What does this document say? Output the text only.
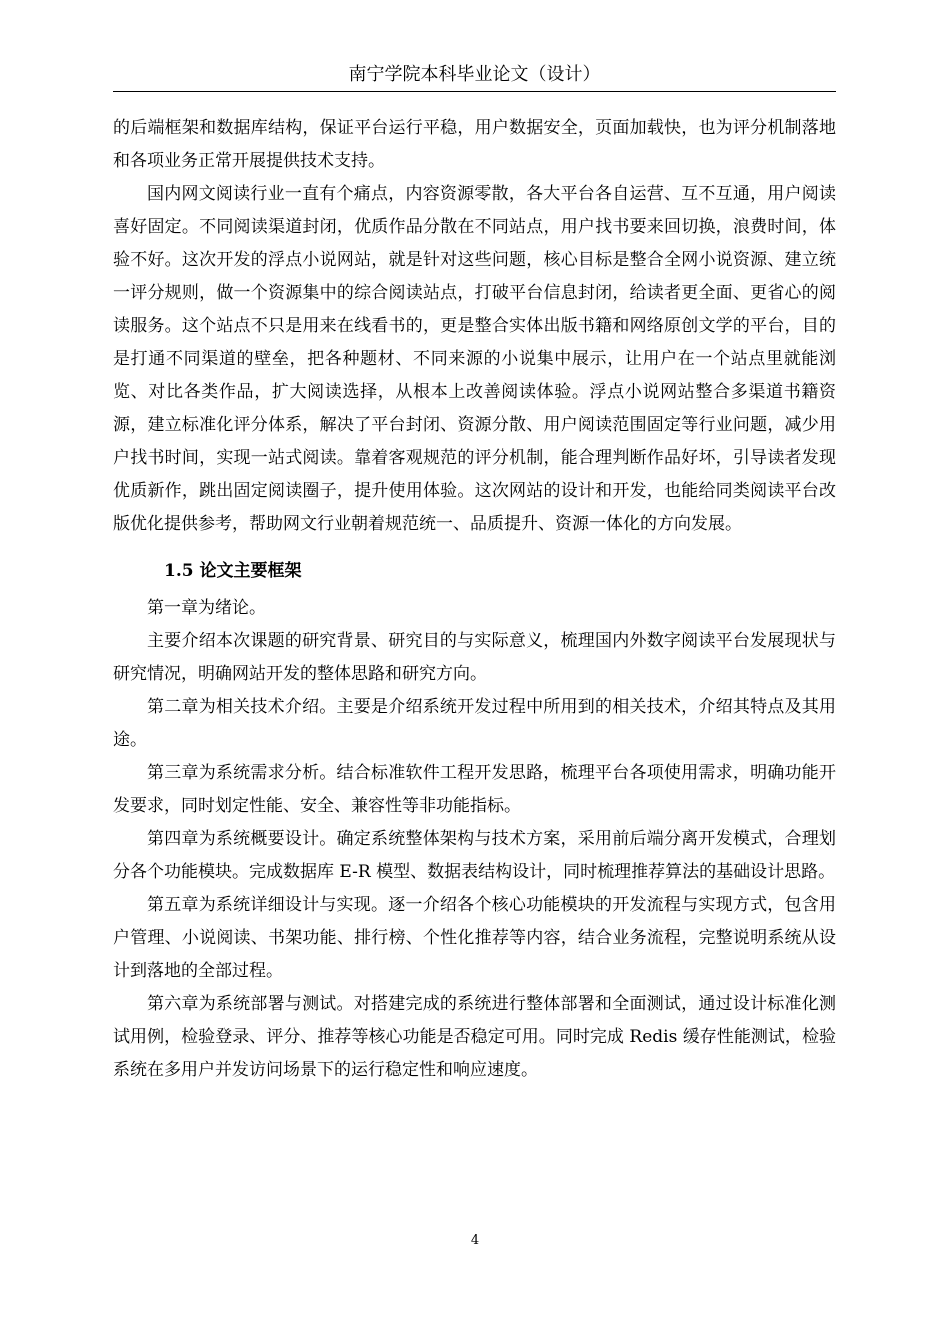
南宁学院本科毕业论文（设计）

的后端框架和数据库结构，保证平台运行平稳，用户数据安全，页面加载快，也为评分机制落地和各项业务正常开展提供技术支持。

国内网文阅读行业一直有个痛点，内容资源零散，各大平台各自运营、互不互通，用户阅读喜好固定。不同阅读渠道封闭，优质作品分散在不同站点，用户找书要来回切换，浪费时间，体验不好。这次开发的浮点小说网站，就是针对这些问题，核心目标是整合全网小说资源、建立统一评分规则，做一个资源集中的综合阅读站点，打破平台信息封闭，给读者更全面、更省心的阅读服务。这个站点不只是用来在线看书的，更是整合实体出版书籍和网络原创文学的平台，目的是打通不同渠道的壁垒，把各种题材、不同来源的小说集中展示，让用户在一个站点里就能浏览、对比各类作品，扩大阅读选择，从根本上改善阅读体验。浮点小说网站整合多渠道书籍资源，建立标准化评分体系，解决了平台封闭、资源分散、用户阅读范围固定等行业问题，减少用户找书时间，实现一站式阅读。靠着客观规范的评分机制，能合理判断作品好坏，引导读者发现优质新作，跳出固定阅读圈子，提升使用体验。这次网站的设计和开发，也能给同类阅读平台改版优化提供参考，帮助网文行业朝着规范统一、品质提升、资源一体化的方向发展。

1.5 论文主要框架

第一章为绪论。

主要介绍本次课题的研究背景、研究目的与实际意义，梳理国内外数字阅读平台发展现状与研究情况，明确网站开发的整体思路和研究方向。

第二章为相关技术介绍。主要是介绍系统开发过程中所用到的相关技术，介绍其特点及其用途。

第三章为系统需求分析。结合标准软件工程开发思路，梳理平台各项使用需求，明确功能开发要求，同时划定性能、安全、兼容性等非功能指标。

第四章为系统概要设计。确定系统整体架构与技术方案，采用前后端分离开发模式，合理划分各个功能模块。完成数据库 E-R 模型、数据表结构设计，同时梳理推荐算法的基础设计思路。

第五章为系统详细设计与实现。逐一介绍各个核心功能模块的开发流程与实现方式，包含用户管理、小说阅读、书架功能、排行榜、个性化推荐等内容，结合业务流程，完整说明系统从设计到落地的全部过程。

第六章为系统部署与测试。对搭建完成的系统进行整体部署和全面测试，通过设计标准化测试用例，检验登录、评分、推荐等核心功能是否稳定可用。同时完成 Redis 缓存性能测试，检验系统在多用户并发访问场景下的运行稳定性和响应速度。

4
